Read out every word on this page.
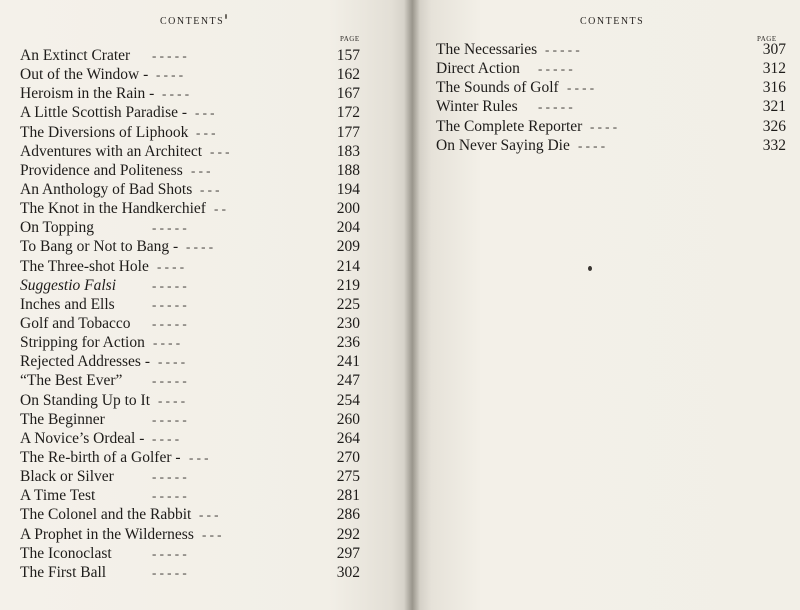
CONTENTS
PAGE
An Extinct Crater - - - - -	157
Out of the Window - - - - -	162
Heroism in the Rain - - - - -	167
A Little Scottish Paradise - - - -	172
The Diversions of Liphook - - -	177
Adventures with an Architect - - -	183
Providence and Politeness - - -	188
An Anthology of Bad Shots - - -	194
The Knot in the Handkerchief - -	200
On Topping	- - - - -	204
To Bang or Not to Bang - - - - -	209
The Three-shot Hole - - - -	214
Suggestio Falsi	- - - - -	219
Inches and Ells	- - - - -	225
Golf and Tobacco - - - - -	230
Stripping for Action - - - -	236
Rejected Addresses - - - - -	241
“The Best Ever” - - - - -	247
On Standing Up to It - - - -	254
The Beginner	- - - - -	260
A Novice’s Ordeal - - - - -	264
The Re-birth of a Golfer - - - -	270
Black or Silver	- - - - -	275
A Time Test	- - - - -	281
The Colonel and the Rabbit - - -	286
A Prophet in the Wilderness - - -	292
The Iconoclast	- - - - -	297
The First Ball	- - - - -	302
CONTENTS
PAGE
The Necessaries - - - - -	307
Direct Action - - - - -	312
The Sounds of Golf - - - -	316
Winter Rules - - - - -	321
The Complete Reporter - - - -	326
On Never Saying Die - - - -	332
